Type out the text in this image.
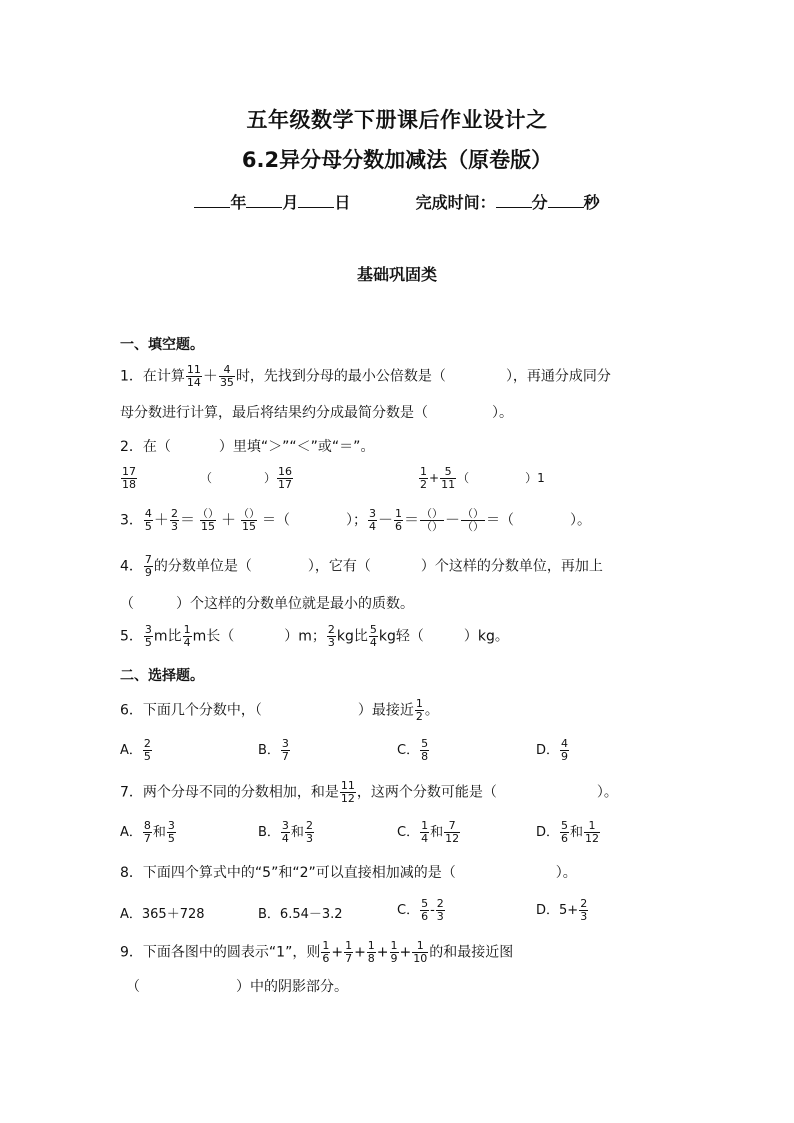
五年级数学下册课后作业设计之
6.2异分母分数加减法（原卷版）
年 月 日	完成时间： 分 秒
基础巩固类
一、填空题。
1．在计算 $\frac{11}{14} + \frac{4}{35}$ 时，先找到分母的最小公倍数是（	），再通分成同分
母分数进行计算，最后将结果约分成最简分数是（	）。
2．在（	）里填“＞”“＜”或“＝”。
$\frac{17}{18}$	（	） $\frac{16}{17}$	$\frac{1}{2} + \frac{5}{11}$ （	）1
3． $\frac{4}{5} + \frac{2}{3} = \frac{()}{15} + \frac{()}{15}$ ＝（	）； $\frac{3}{4} - \frac{1}{6} = \frac{()}{()} - \frac{()}{()}$ ＝（	）。
4． $\frac{7}{9}$ 的分数单位是（	），它有（	）个这样的分数单位，再加上
（	）个这样的分数单位就是最小的质数。
5． $\frac{3}{5}$ m比 $\frac{1}{4}$ m长（	）m； $\frac{2}{3}$ kg比 $\frac{5}{4}$ kg轻（	）kg。
二、选择题。
6．下面几个分数中，（	）最接近 $\frac{1}{2}$ 。
A． $\frac{2}{5}$	B． $\frac{3}{7}$	C． $\frac{5}{8}$	D． $\frac{4}{9}$
7．两个分母不同的分数相加，和是 $\frac{11}{12}$ ，这两个分数可能是（	）。
A． $\frac{8}{7}$ 和 $\frac{3}{5}$	B． $\frac{3}{4}$ 和 $\frac{2}{3}$	C． $\frac{1}{4}$ 和 $\frac{7}{12}$	D． $\frac{5}{6}$ 和 $\frac{1}{12}$
8．下面四个算式中的“5”和“2”可以直接相加减的是（	）。
A．365＋728	B．6.54－3.2	C． $\frac{5}{6} - \frac{2}{3}$	D．$5+ \frac{2}{3}$
9．下面各图中的圆表示“1”，则 $\frac{1}{6} + \frac{1}{7} + \frac{1}{8} + \frac{1}{9} + \frac{1}{10}$ 的和最接近图
（	）中的阴影部分。
